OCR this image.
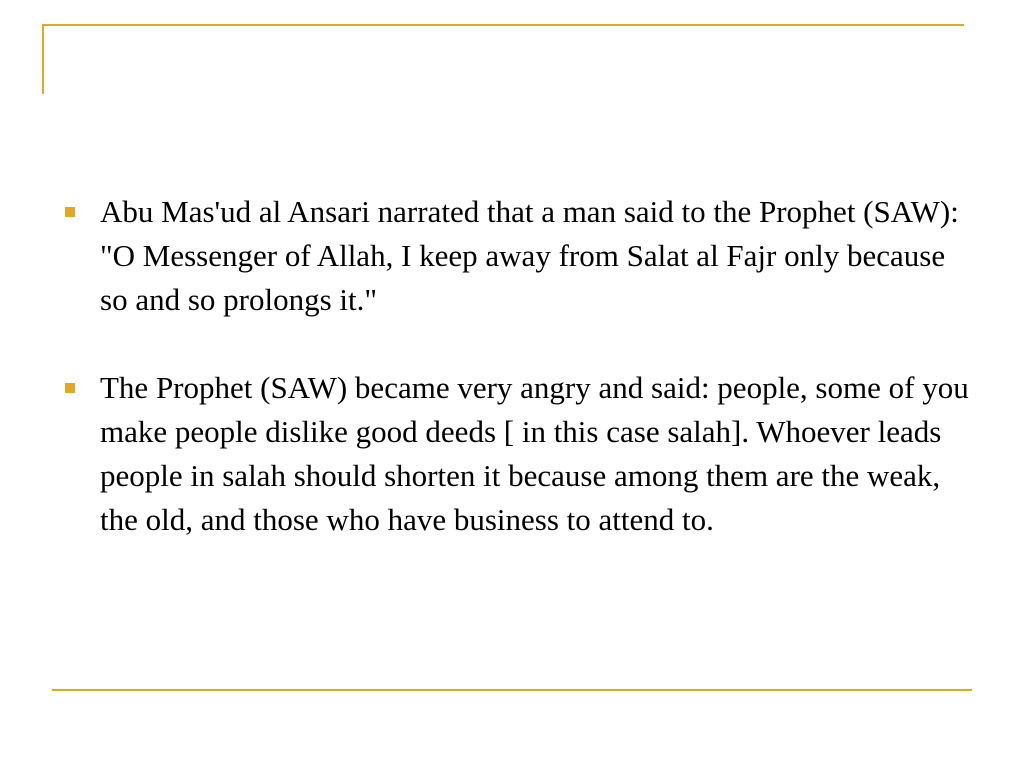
Abu Mas'ud al Ansari narrated that a man said to the Prophet (SAW): "O Messenger of Allah, I keep away from Salat al Fajr only because so and so prolongs it."
The Prophet (SAW) became very angry and said: people, some of you make people dislike good deeds [ in this case salah]. Whoever leads people in salah should shorten it because among them are the weak, the old, and those who have business to attend to.
